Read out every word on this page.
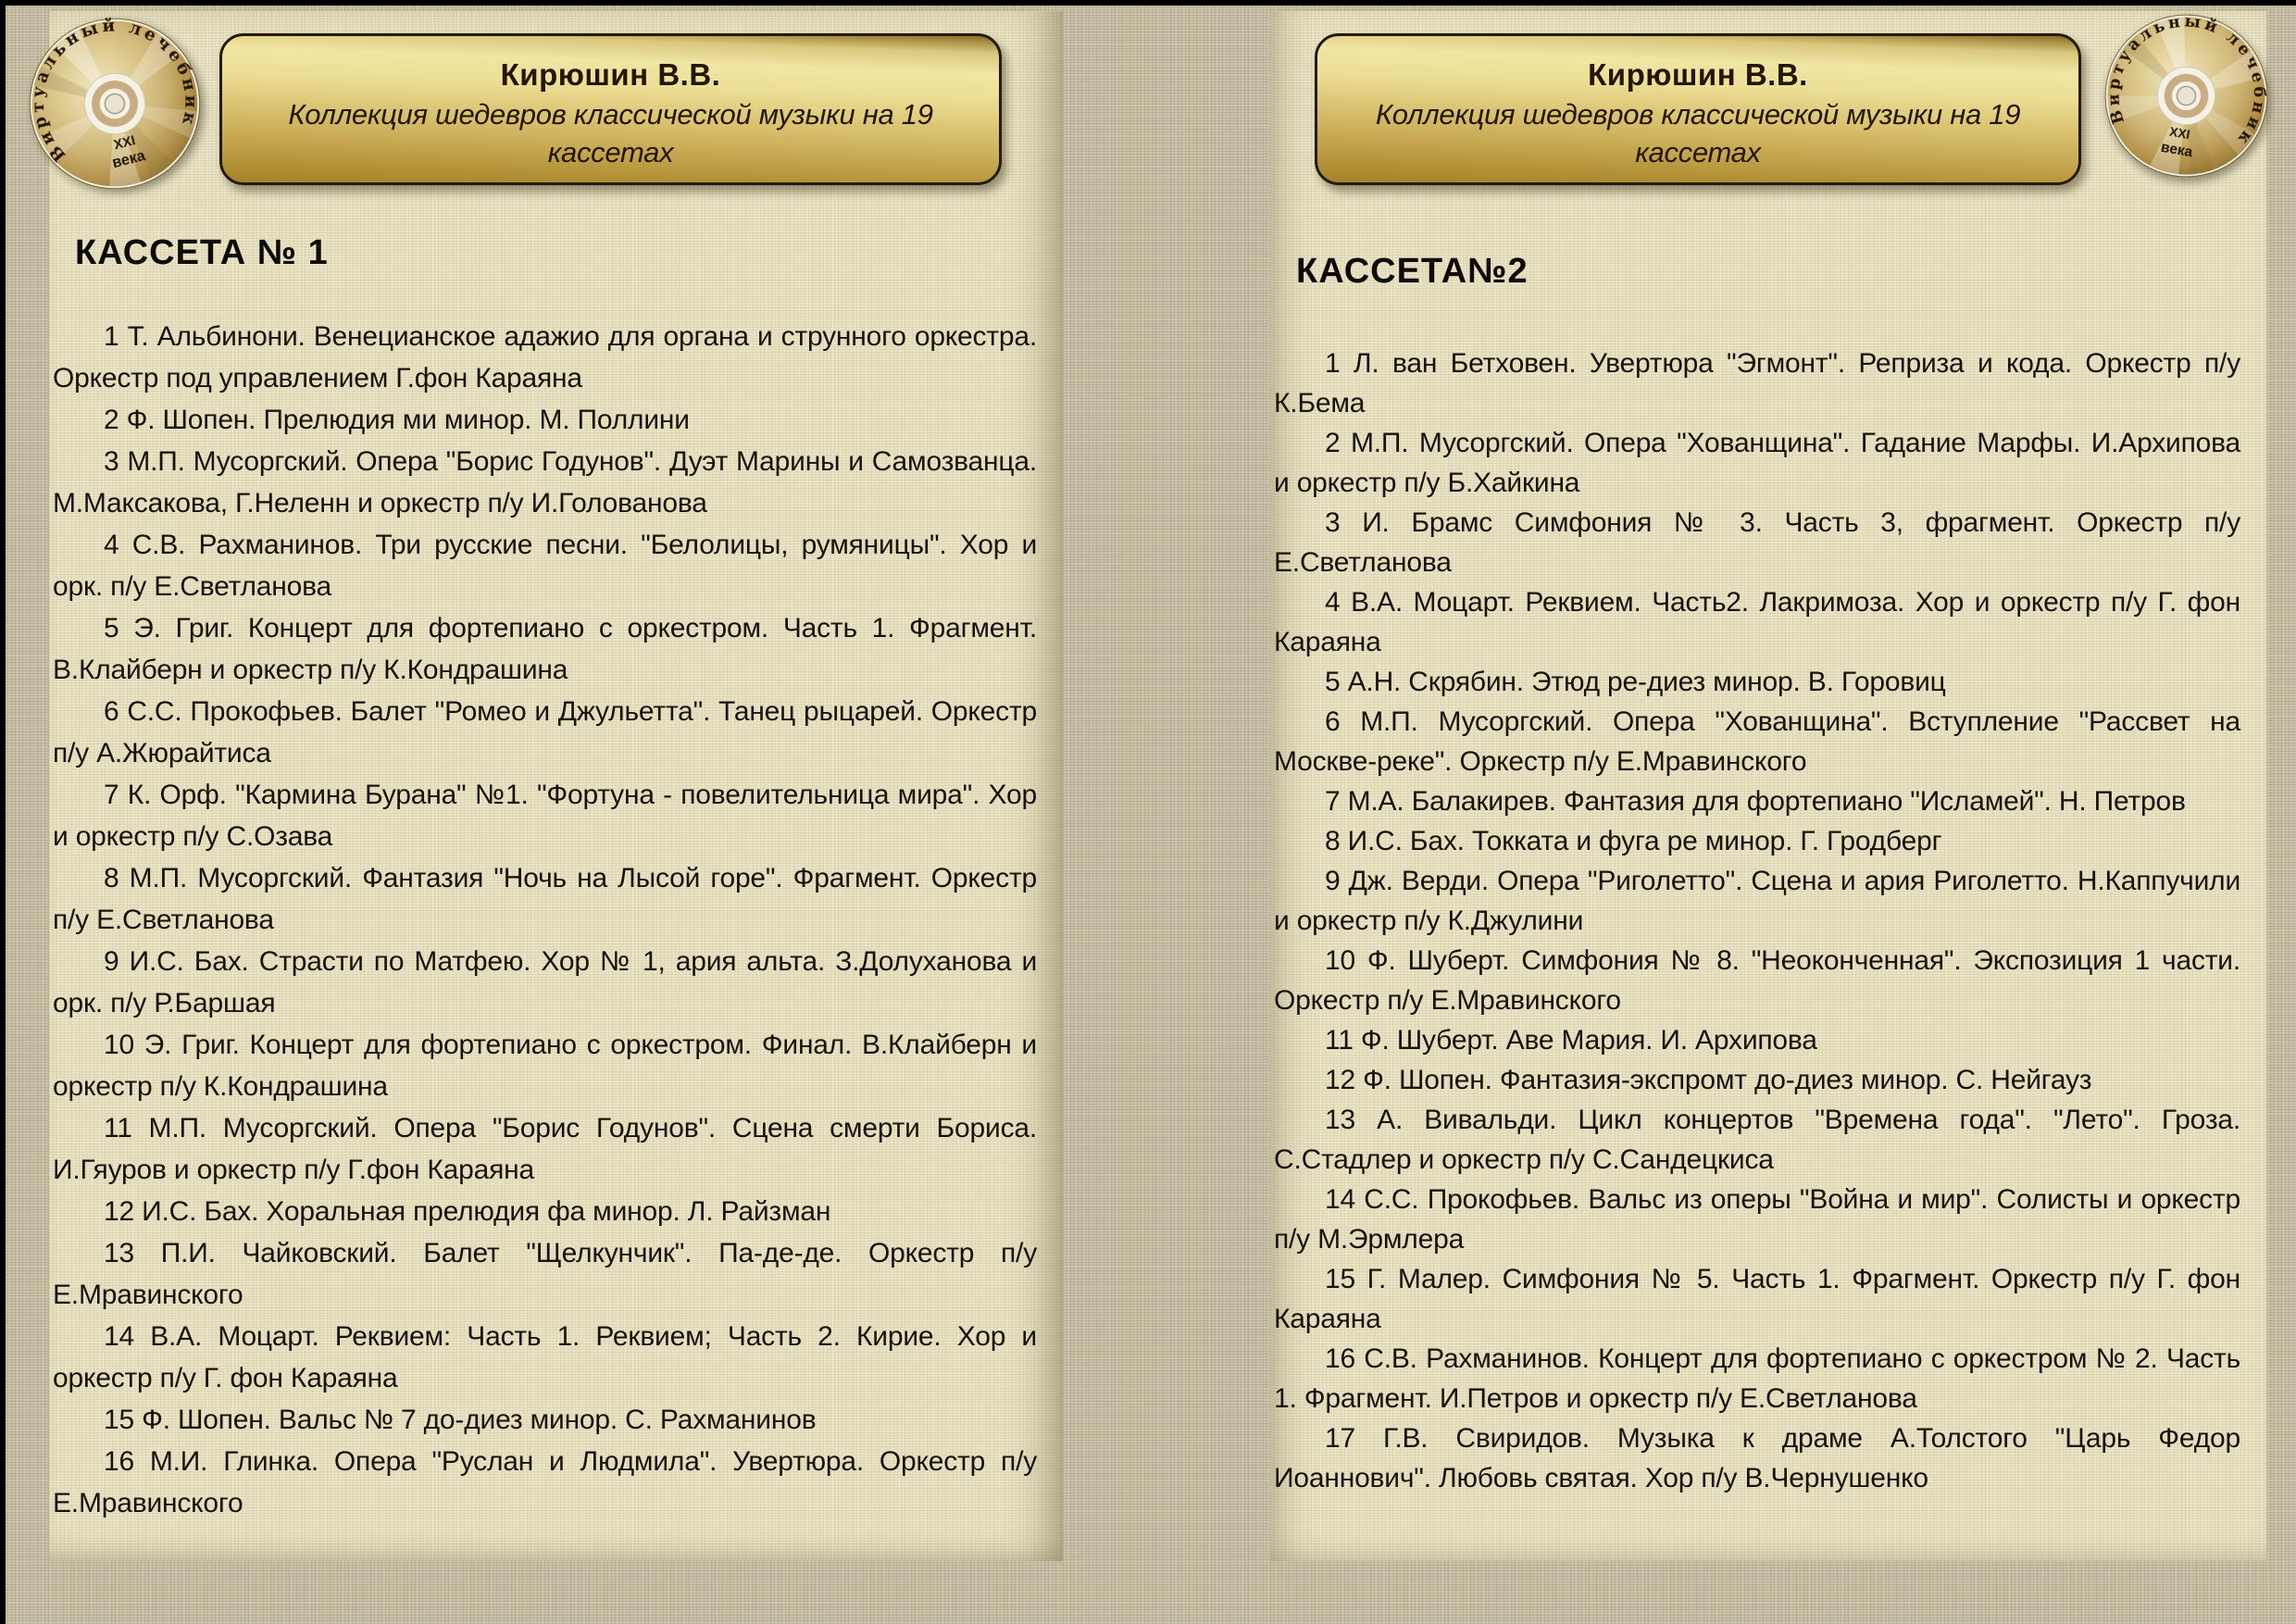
КАССЕТА № 1

1 Т. Альбинони. Венецианское адажио для органа и струнного оркестра. Оркестр под управлением Г.фон Караяна

2 Ф. Шопен. Прелюдия ми минор. М. Поллини

3 М.П. Мусоргский. Опера "Борис Годунов". Дуэт Марины и Самозванца. М.Максакова, Г.Неленн и оркестр п/у И.Голованова

4 С.В. Рахманинов. Три русские песни. "Белолицы, румяницы". Хор и орк. п/у Е.Светланова

5 Э. Григ. Концерт для фортепиано с оркестром. Часть 1. Фрагмент. В.Клайберн и оркестр п/у К.Кондрашина

6 С.С. Прокофьев. Балет "Ромео и Джульетта". Танец рыцарей. Оркестр п/у А.Жюрайтиса

7 К. Орф. "Кармина Бурана" №1. "Фортуна - повелительница мира". Хор и оркестр п/у С.Озава

8 М.П. Мусоргский. Фантазия "Ночь на Лысой горе". Фрагмент. Оркестр п/у Е.Светланова

9 И.С. Бах. Страсти по Матфею. Хор № 1, ария альта. З.Долуханова и орк. п/у Р.Баршая

10 Э. Григ. Концерт для фортепиано с оркестром. Финал. В.Клайберн и оркестр п/у К.Кондрашина

11 М.П. Мусоргский. Опера "Борис Годунов". Сцена смерти Бориса. И.Гяуров и оркестр п/у Г.фон Караяна

12 И.С. Бах. Хоральная прелюдия фа минор. Л. Райзман

13 П.И. Чайковский. Балет "Щелкунчик". Па-де-де. Оркестр п/у Е.Мравинского

14 В.А. Моцарт. Реквием: Часть 1. Реквием; Часть 2. Кирие. Хор и оркестр п/у Г. фон Караяна

15 Ф. Шопен. Вальс № 7 до-диез минор. С. Рахманинов

16 М.И. Глинка. Опера "Руслан и Людмила". Увертюра. Оркестр п/у Е.Мравинского

КАССЕТА№2

1 Л. ван Бетховен. Увертюра "Эгмонт". Реприза и кода. Оркестр п/у К.Бема

2 М.П. Мусоргский. Опера "Хованщина". Гадание Марфы. И.Архипова и оркестр п/у Б.Хайкина

3 И. Брамс Симфония № 3. Часть 3, фрагмент. Оркестр п/у Е.Светланова

4 В.А. Моцарт. Реквием. Часть2. Лакримоза. Хор и оркестр п/у Г. фон Караяна

5 А.Н. Скрябин. Этюд ре-диез минор. В. Горовиц

6 М.П. Мусоргский. Опера "Хованщина". Вступление "Рассвет на Москве-реке". Оркестр п/у Е.Мравинского

7 М.А. Балакирев. Фантазия для фортепиано "Исламей". Н. Петров

8 И.С. Бах. Токката и фуга ре минор. Г. Гродберг

9 Дж. Верди. Опера "Риголетто". Сцена и ария Риголетто. Н.Каппучили и оркестр п/у К.Джулини

10 Ф. Шуберт. Симфония № 8. "Неоконченная". Экспозиция 1 части. Оркестр п/у Е.Мравинского

11 Ф. Шуберт. Аве Мария. И. Архипова

12 Ф. Шопен. Фантазия-экспромт до-диез минор. С. Нейгауз

13 А. Вивальди. Цикл концертов "Времена года". "Лето". Гроза. С.Стадлер и оркестр п/у С.Сандецкиса

14 С.С. Прокофьев. Вальс из оперы "Война и мир". Солисты и оркестр п/у М.Эрмлера

15 Г. Малер. Симфония № 5. Часть 1. Фрагмент. Оркестр п/у Г. фон Караяна

16 С.В. Рахманинов. Концерт для фортепиано с оркестром № 2. Часть 1. Фрагмент. И.Петров и оркестр п/у Е.Светланова

17 Г.В. Свиридов. Музыка к драме А.Толстого "Царь Федор Иоаннович". Любовь святая. Хор п/у В.Чернушенко

Кирюшин В.В.
Коллекция шедевров классической музыки на 19 кассетах
Кирюшин В.В.
Коллекция шедевров классической музыки на 19 кассетах
Виртуальный лечебник
XXI
века
Виртуальный лечебник
XXI
века
